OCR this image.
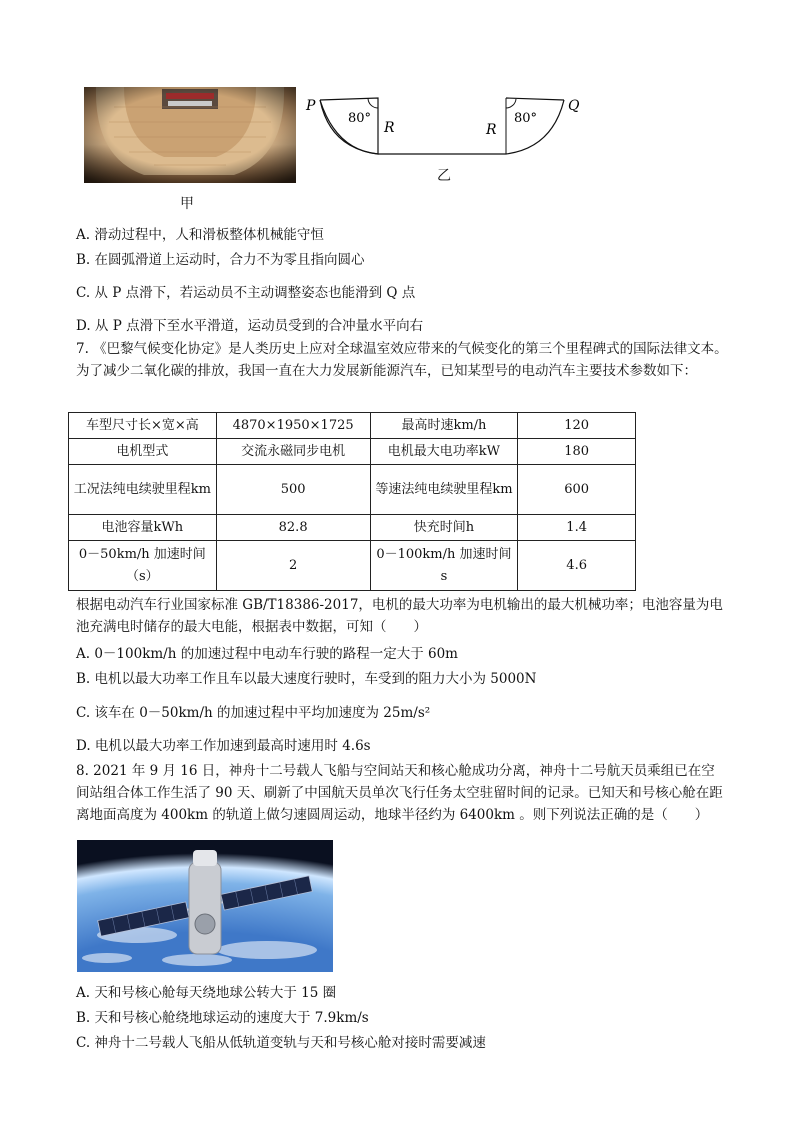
甲
P	Q
R	R
80°	80°
乙
A. 滑动过程中，人和滑板整体机械能守恒
B. 在圆弧滑道上运动时，合力不为零且指向圆心
C. 从 P 点滑下，若运动员不主动调整姿态也能滑到 Q 点
D. 从 P 点滑下至水平滑道，运动员受到的合冲量水平向右
7. 《巴黎气候变化协定》是人类历史上应对全球温室效应带来的气候变化的第三个里程碑式的国际法律文本。为了减少二氧化碳的排放，我国一直在大力发展新能源汽车，已知某型号的电动汽车主要技术参数如下：
车型尺寸长×宽×高	4870×1950×1725	最高时速km/h	120
电机型式	交流永磁同步电机	电机最大电功率kW	180
工况法纯电续驶里程km	500	等速法纯电续驶里程km	600
电池容量kWh	82.8	快充时间h	1.4
0－50km/h 加速时间（s）	2	0－100km/h 加速时间s	4.6
根据电动汽车行业国家标准 GB/T18386-2017，电机的最大功率为电机输出的最大机械功率；电池容量为电池充满电时储存的最大电能，根据表中数据，可知（　　）
A. 0－100km/h 的加速过程中电动车行驶的路程一定大于 60m
B. 电机以最大功率工作且车以最大速度行驶时，车受到的阻力大小为 5000N
C. 该车在 0－50km/h 的加速过程中平均加速度为 25m/s²
D. 电机以最大功率工作加速到最高时速用时 4.6s
8. 2021 年 9 月 16 日，神舟十二号载人飞船与空间站天和核心舱成功分离，神舟十二号航天员乘组已在空间站组合体工作生活了 90 天、刷新了中国航天员单次飞行任务太空驻留时间的记录。已知天和号核心舱在距离地面高度为 400km 的轨道上做匀速圆周运动，地球半径约为 6400km 。则下列说法正确的是（　　）
A. 天和号核心舱每天绕地球公转大于 15 圈
B. 天和号核心舱绕地球运动的速度大于 7.9km/s
C. 神舟十二号载人飞船从低轨道变轨与天和号核心舱对接时需要减速
